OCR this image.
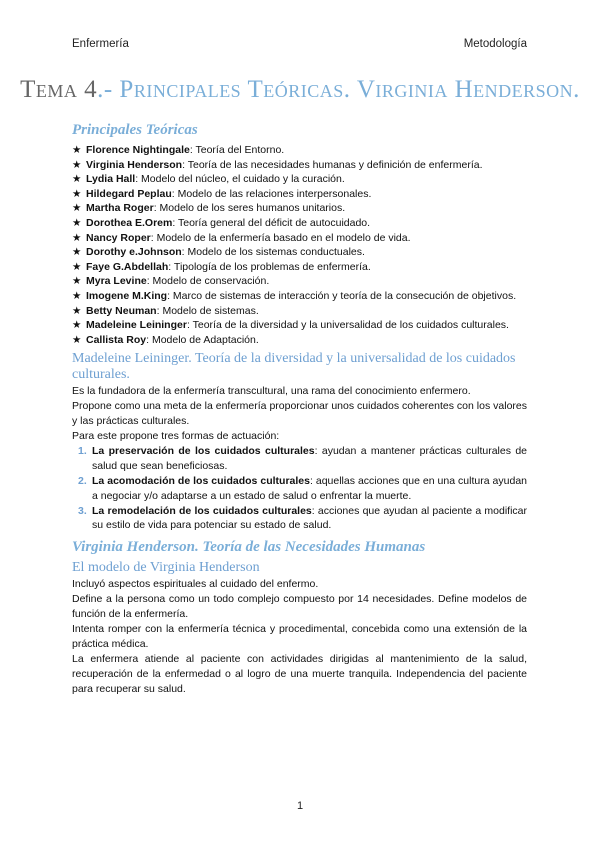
Enfermería	Metodología
Tema 4.- Principales Teóricas. Virginia Henderson.
Principales Teóricas
★ Florence Nightingale: Teoría del Entorno.
★ Virginia Henderson: Teoría de las necesidades humanas y definición de enfermería.
★ Lydia Hall: Modelo del núcleo, el cuidado y la curación.
★ Hildegard Peplau: Modelo de las relaciones interpersonales.
★ Martha Roger: Modelo de los seres humanos unitarios.
★ Dorothea E.Orem: Teoría general del déficit de autocuidado.
★ Nancy Roper: Modelo de la enfermería basado en el modelo de vida.
★ Dorothy e.Johnson: Modelo de los sistemas conductuales.
★ Faye G.Abdellah: Tipología de los problemas de enfermería.
★ Myra Levine: Modelo de conservación.
★ Imogene M.King: Marco de sistemas de interacción y teoría de la consecución de objetivos.
★ Betty Neuman: Modelo de sistemas.
★ Madeleine Leininger: Teoría de la diversidad y la universalidad de los cuidados culturales.
★ Callista Roy: Modelo de Adaptación.
Madeleine Leininger. Teoría de la diversidad y la universalidad de los cuidados culturales.

Es la fundadora de la enfermería transcultural, una rama del conocimiento enfermero.

Propone como una meta de la enfermería proporcionar unos cuidados coherentes con los valores y las prácticas culturales.

Para este propone tres formas de actuación:

1. La preservación de los cuidados culturales: ayudan a mantener prácticas culturales de salud que sean beneficiosas.
2. La acomodación de los cuidados culturales: aquellas acciones que en una cultura ayudan a negociar y/o adaptarse a un estado de salud o enfrentar la muerte.
3. La remodelación de los cuidados culturales: acciones que ayudan al paciente a modificar su estilo de vida para potenciar su estado de salud.
Virginia Henderson. Teoría de las Necesidades Humanas
El modelo de Virginia Henderson

Incluyó aspectos espirituales al cuidado del enfermo.

Define a la persona como un todo complejo compuesto por 14 necesidades. Define modelos de función de la enfermería.

Intenta romper con la enfermería técnica y procedimental, concebida como una extensión de la práctica médica.

La enfermera atiende al paciente con actividades dirigidas al mantenimiento de la salud, recuperación de la enfermedad o al logro de una muerte tranquila. Independencia del paciente para recuperar su salud.

1
